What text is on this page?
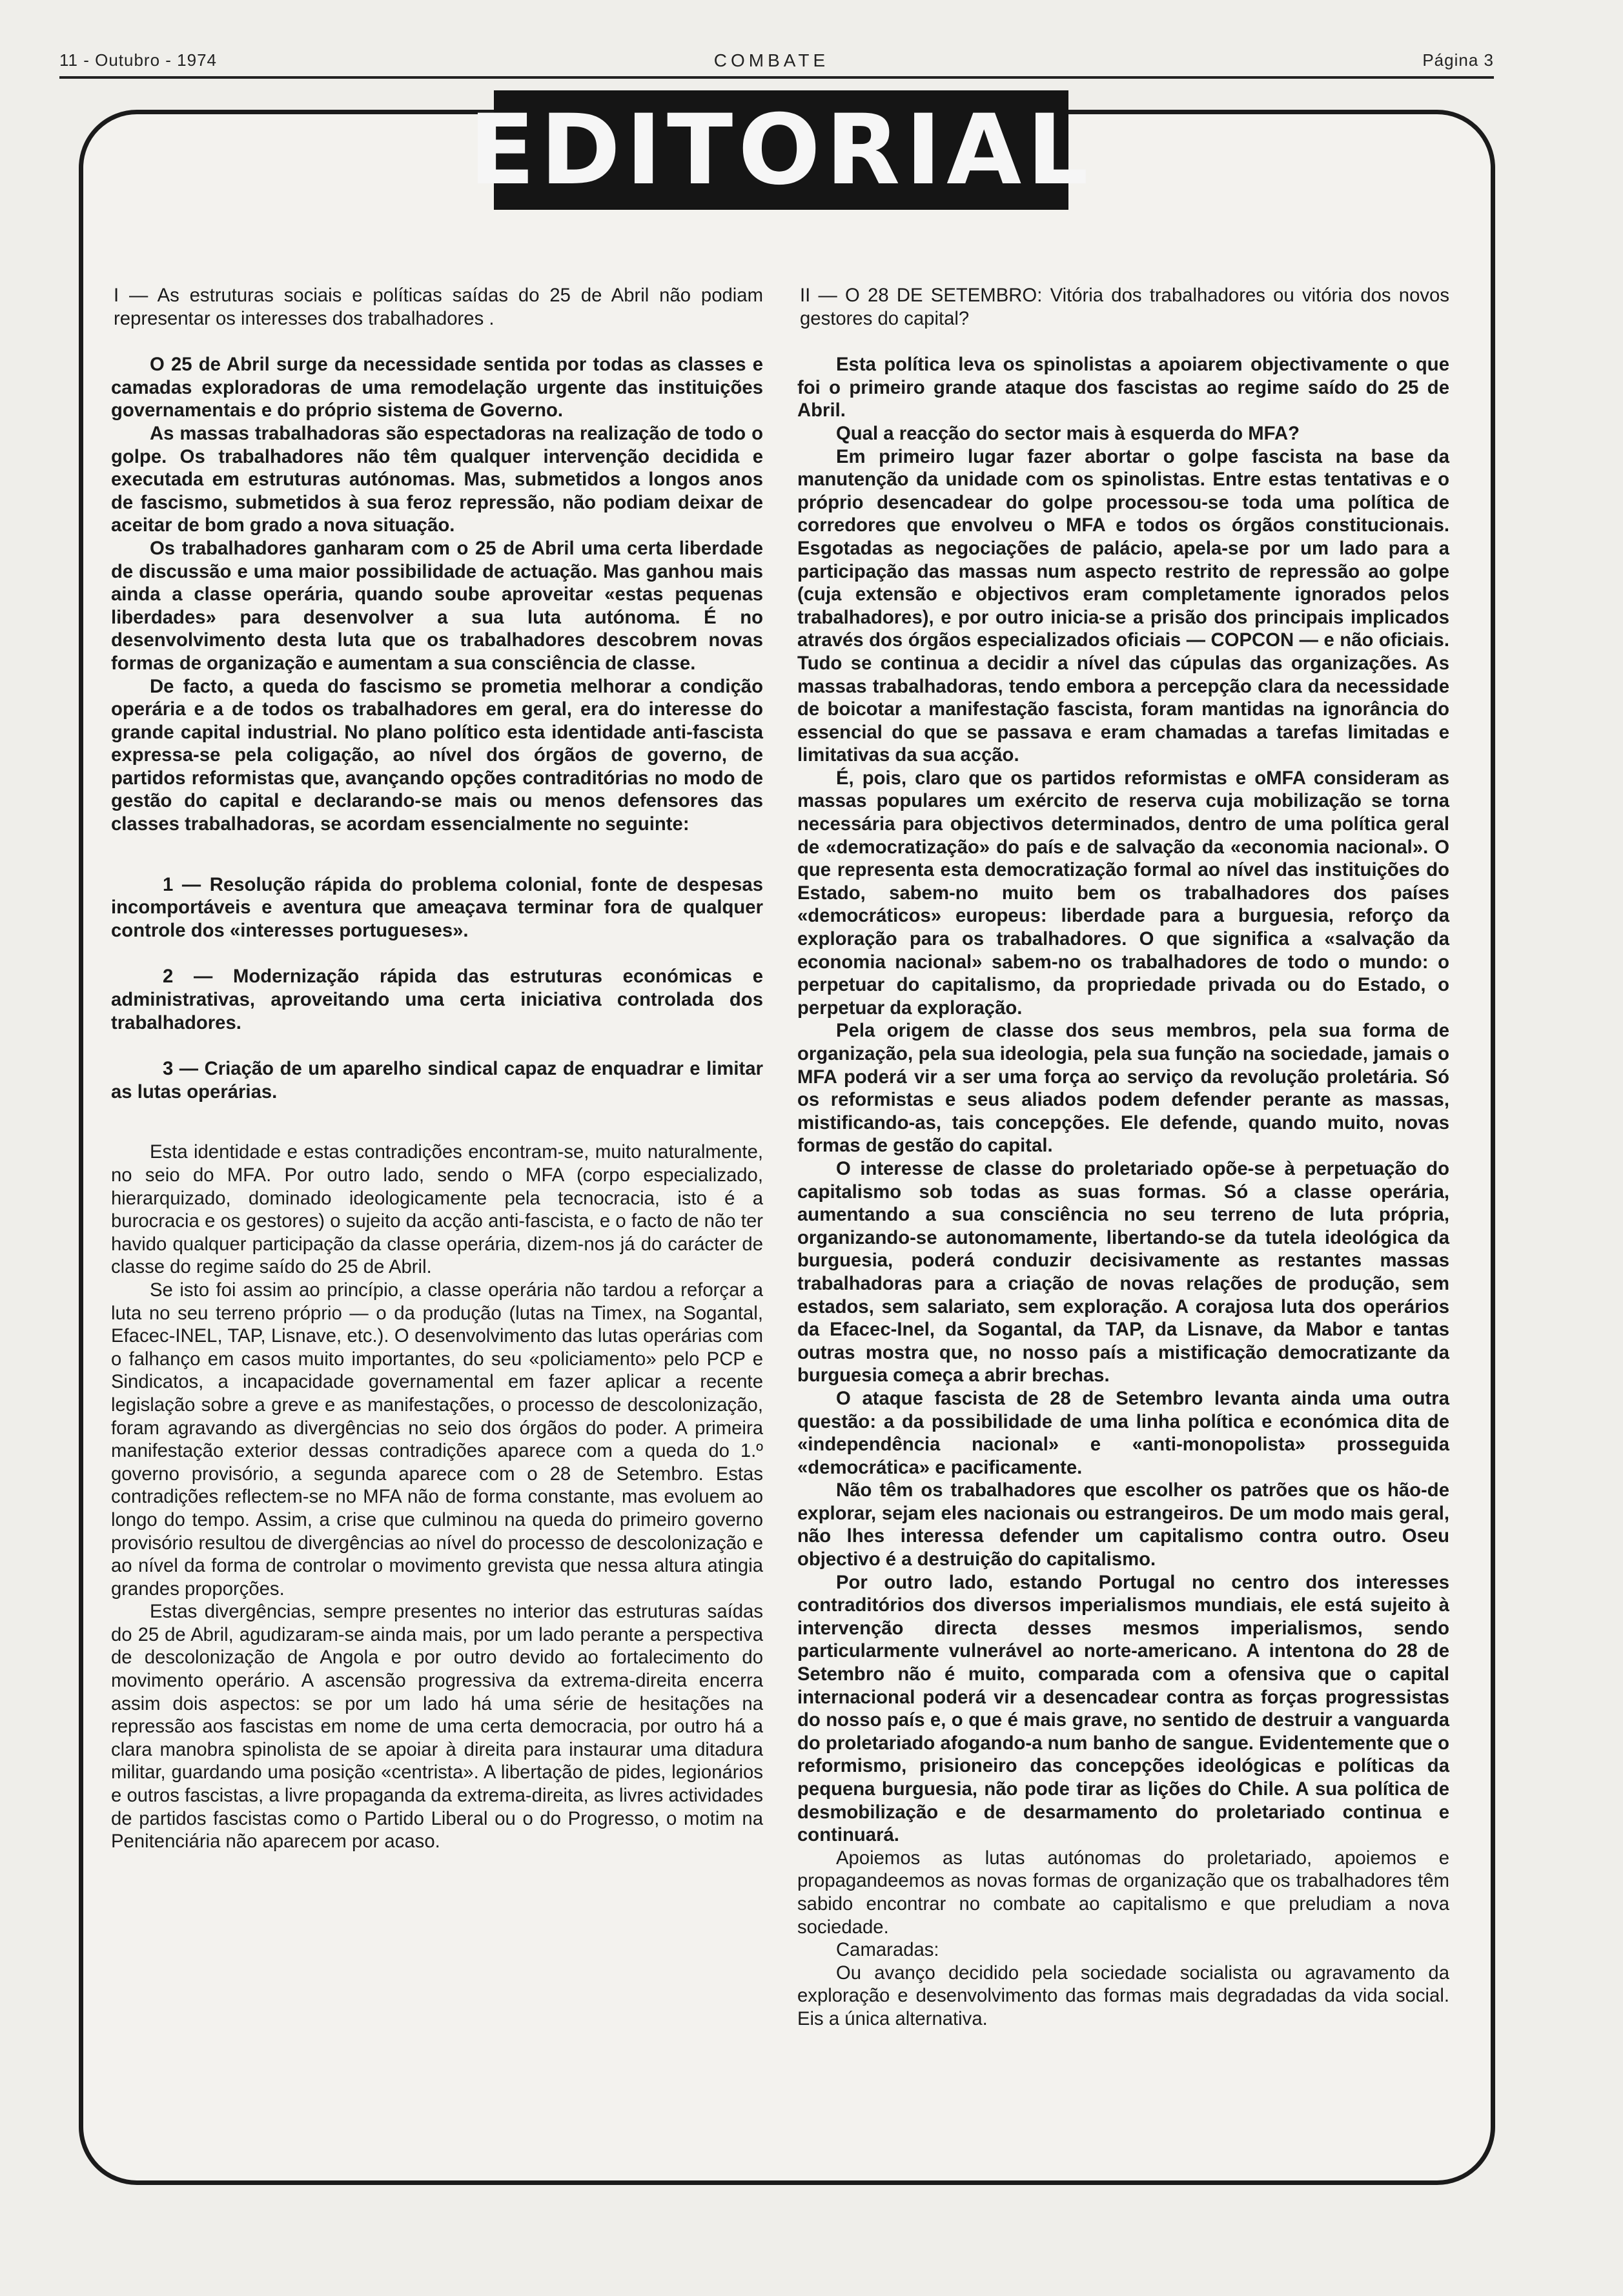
11 - Outubro - 1974	COMBATE	Página 3
EDITORIAL

I — As estruturas sociais e políticas saídas do 25 de Abril não podiam representar os interesses dos trabalhadores .

O 25 de Abril surge da necessidade sentida por todas as classes e camadas exploradoras de uma remodelação urgente das instituições governamentais e do próprio sistema de Governo.

As massas trabalhadoras são espectadoras na realização de todo o golpe. Os trabalhadores não têm qualquer intervenção decidida e executada em estruturas autónomas. Mas, submetidos a longos anos de fascismo, submetidos à sua feroz repressão, não podiam deixar de aceitar de bom grado a nova situação.

Os trabalhadores ganharam com o 25 de Abril uma certa liberdade de discussão e uma maior possibilidade de actuação. Mas ganhou mais ainda a classe operária, quando soube aproveitar «estas pequenas liberdades» para desenvolver a sua luta autónoma. É no desenvolvimento desta luta que os trabalhadores descobrem novas formas de organização e aumentam a sua consciência de classe.

De facto, a queda do fascismo se prometia melhorar a condição operária e a de todos os trabalhadores em geral, era do interesse do grande capital industrial. No plano político esta identidade anti-fascista expressa-se pela coligação, ao nível dos órgãos de governo, de partidos reformistas que, avançando opções contraditórias no modo de gestão do capital e declarando-se mais ou menos defensores das classes trabalhadoras, se acordam essencialmente no seguinte:

1 — Resolução rápida do problema colonial, fonte de despesas incomportáveis e aventura que ameaçava terminar fora de qualquer controle dos «interesses portugueses».

2 — Modernização rápida das estruturas económicas e administrativas, aproveitando uma certa iniciativa controlada dos trabalhadores.

3 — Criação de um aparelho sindical capaz de enquadrar e limitar as lutas operárias.

Esta identidade e estas contradições encontram-se, muito naturalmente, no seio do MFA. Por outro lado, sendo o MFA (corpo especializado, hierarquizado, dominado ideologicamente pela tecnocracia, isto é a burocracia e os gestores) o sujeito da acção anti-fascista, e o facto de não ter havido qualquer participação da classe operária, dizem-nos já do carácter de classe do regime saído do 25 de Abril.

Se isto foi assim ao princípio, a classe operária não tardou a reforçar a luta no seu terreno próprio — o da produção (lutas na Timex, na Sogantal, Efacec-INEL, TAP, Lisnave, etc.). O desenvolvimento das lutas operárias com o falhanço em casos muito importantes, do seu «policiamento» pelo PCP e Sindicatos, a incapacidade governamental em fazer aplicar a recente legislação sobre a greve e as manifestações, o processo de descolonização, foram agravando as divergências no seio dos órgãos do poder. A primeira manifestação exterior dessas contradições aparece com a queda do 1.º governo provisório, a segunda aparece com o 28 de Setembro. Estas contradições reflectem-se no MFA não de forma constante, mas evoluem ao longo do tempo. Assim, a crise que culminou na queda do primeiro governo provisório resultou de divergências ao nível do processo de descolonização e ao nível da forma de controlar o movimento grevista que nessa altura atingia grandes proporções.

Estas divergências, sempre presentes no interior das estruturas saídas do 25 de Abril, agudizaram-se ainda mais, por um lado perante a perspectiva de descolonização de Angola e por outro devido ao fortalecimento do movimento operário. A ascensão progressiva da extrema-direita encerra assim dois aspectos: se por um lado há uma série de hesitações na repressão aos fascistas em nome de uma certa democracia, por outro há a clara manobra spinolista de se apoiar à direita para instaurar uma ditadura militar, guardando uma posição «centrista». A libertação de pides, legionários e outros fascistas, a livre propaganda da extrema-direita, as livres actividades de partidos fascistas como o Partido Liberal ou o do Progresso, o motim na Penitenciária não aparecem por acaso.

II — O 28 DE SETEMBRO: Vitória dos trabalhadores ou vitória dos novos gestores do capital?

Esta política leva os spinolistas a apoiarem objectivamente o que foi o primeiro grande ataque dos fascistas ao regime saído do 25 de Abril.

Qual a reacção do sector mais à esquerda do MFA?

Em primeiro lugar fazer abortar o golpe fascista na base da manutenção da unidade com os spinolistas. Entre estas tentativas e o próprio desencadear do golpe processou-se toda uma política de corredores que envolveu o MFA e todos os órgãos constitucionais. Esgotadas as negociações de palácio, apela-se por um lado para a participação das massas num aspecto restrito de repressão ao golpe (cuja extensão e objectivos eram completamente ignorados pelos trabalhadores), e por outro inicia-se a prisão dos principais implicados através dos órgãos especializados oficiais — COPCON — e não oficiais. Tudo se continua a decidir a nível das cúpulas das organizações. As massas trabalhadoras, tendo embora a percepção clara da necessidade de boicotar a manifestação fascista, foram mantidas na ignorância do essencial do que se passava e eram chamadas a tarefas limitadas e limitativas da sua acção.

É, pois, claro que os partidos reformistas e oMFA consideram as massas populares um exército de reserva cuja mobilização se torna necessária para objectivos determinados, dentro de uma política geral de «democratização» do país e de salvação da «economia nacional». O que representa esta democratização formal ao nível das instituições do Estado, sabem-no muito bem os trabalhadores dos países «democráticos» europeus: liberdade para a burguesia, reforço da exploração para os trabalhadores. O que significa a «salvação da economia nacional» sabem-no os trabalhadores de todo o mundo: o perpetuar do capitalismo, da propriedade privada ou do Estado, o perpetuar da exploração.

Pela origem de classe dos seus membros, pela sua forma de organização, pela sua ideologia, pela sua função na sociedade, jamais o MFA poderá vir a ser uma força ao serviço da revolução proletária. Só os reformistas e seus aliados podem defender perante as massas, mistificando-as, tais concepções. Ele defende, quando muito, novas formas de gestão do capital.

O interesse de classe do proletariado opõe-se à perpetuação do capitalismo sob todas as suas formas. Só a classe operária, aumentando a sua consciência no seu terreno de luta própria, organizando-se autonomamente, libertando-se da tutela ideológica da burguesia, poderá conduzir decisivamente as restantes massas trabalhadoras para a criação de novas relações de produção, sem estados, sem salariato, sem exploração. A corajosa luta dos operários da Efacec-Inel, da Sogantal, da TAP, da Lisnave, da Mabor e tantas outras mostra que, no nosso país a mistificação democratizante da burguesia começa a abrir brechas.

O ataque fascista de 28 de Setembro levanta ainda uma outra questão: a da possibilidade de uma linha política e económica dita de «independência nacional» e «anti-monopolista» prosseguida «democrática» e pacificamente.

Não têm os trabalhadores que escolher os patrões que os hão-de explorar, sejam eles nacionais ou estrangeiros. De um modo mais geral, não lhes interessa defender um capitalismo contra outro. Oseu objectivo é a destruição do capitalismo.

Por outro lado, estando Portugal no centro dos interesses contraditórios dos diversos imperialismos mundiais, ele está sujeito à intervenção directa desses mesmos imperialismos, sendo particularmente vulnerável ao norte-americano. A intentona do 28 de Setembro não é muito, comparada com a ofensiva que o capital internacional poderá vir a desencadear contra as forças progressistas do nosso país e, o que é mais grave, no sentido de destruir a vanguarda do proletariado afogando-a num banho de sangue. Evidentemente que o reformismo, prisioneiro das concepções ideológicas e políticas da pequena burguesia, não pode tirar as lições do Chile. A sua política de desmobilização e de desarmamento do proletariado continua e continuará.

Apoiemos as lutas autónomas do proletariado, apoiemos e propagandeemos as novas formas de organização que os trabalhadores têm sabido encontrar no combate ao capitalismo e que preludiam a nova sociedade.

Camaradas:

Ou avanço decidido pela sociedade socialista ou agravamento da exploração e desenvolvimento das formas mais degradadas da vida social. Eis a única alternativa.
